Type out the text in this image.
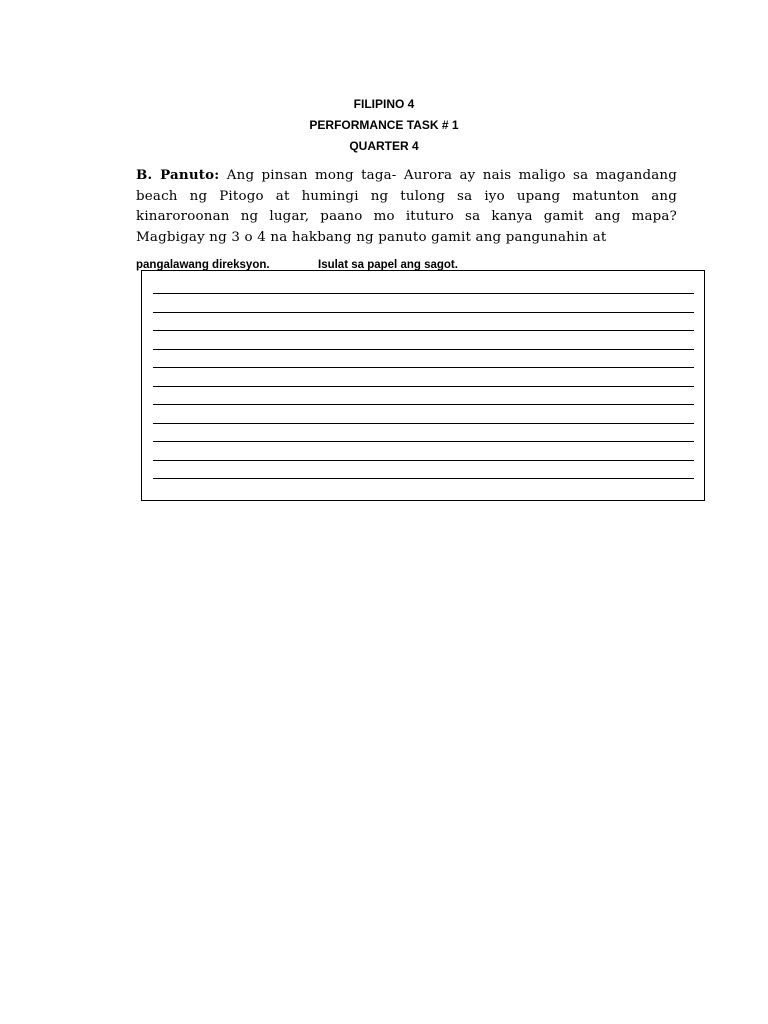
FILIPINO 4
PERFORMANCE TASK # 1
QUARTER 4
B. Panuto: Ang pinsan mong taga- Aurora ay nais maligo sa magandang beach ng Pitogo at humingi ng tulong sa iyo upang matunton ang kinaroroonan ng lugar, paano mo ituturo sa kanya gamit ang mapa? Magbigay ng 3 o 4 na hakbang ng panuto gamit ang pangunahin at
pangalawang direksyon.	Isulat sa papel ang sagot.
